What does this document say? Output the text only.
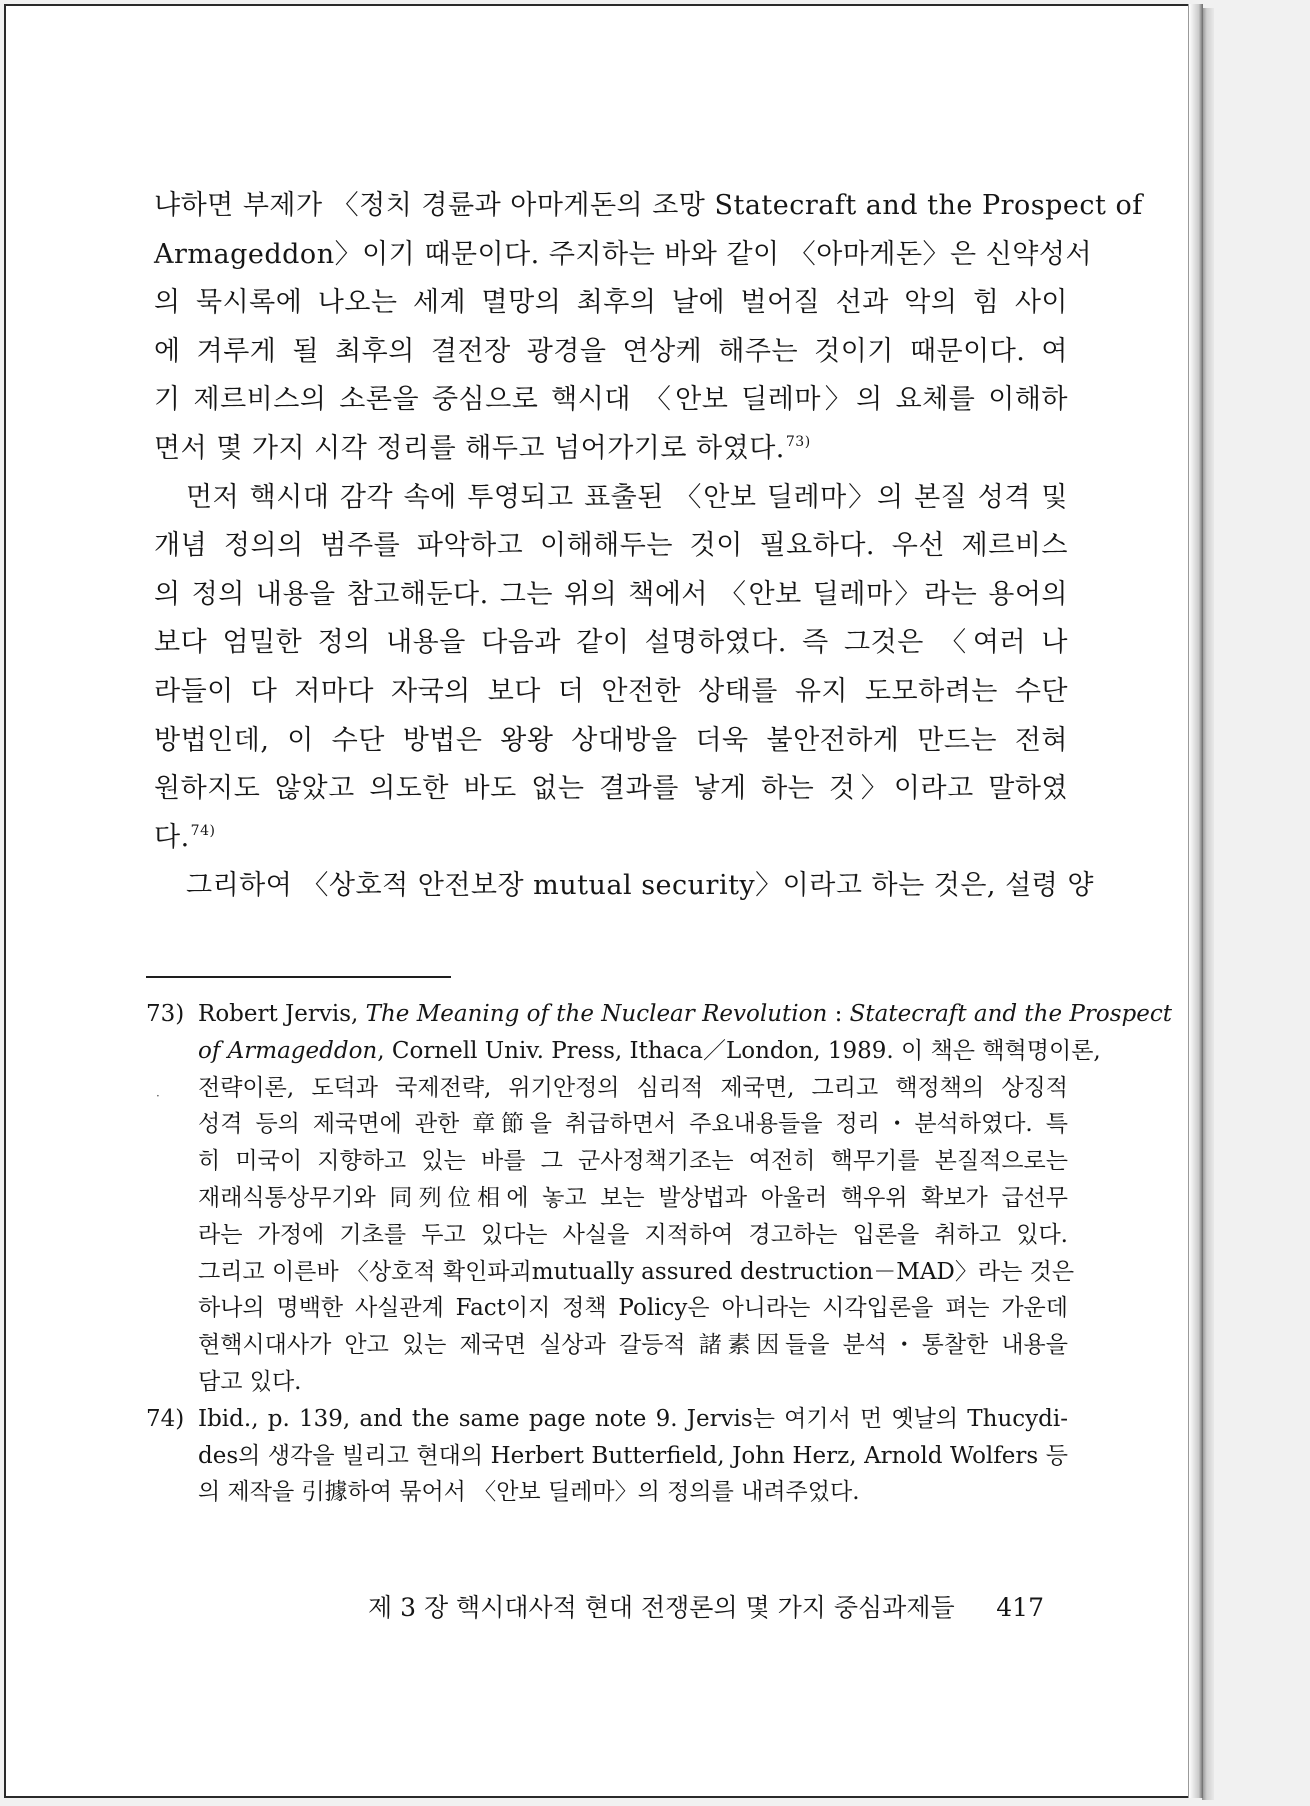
냐하면 부제가 〈정치 경륜과 아마게돈의 조망 Statecraft and the Prospect of
Armageddon〉이기 때문이다. 주지하는 바와 같이 〈아마게돈〉은 신약성서
의 묵시록에 나오는 세계 멸망의 최후의 날에 벌어질 선과 악의 힘 사이
에 겨루게 될 최후의 결전장 광경을 연상케 해주는 것이기 때문이다. 여
기 제르비스의 소론을 중심으로 핵시대 〈안보 딜레마〉의 요체를 이해하
면서 몇 가지 시각 정리를 해두고 넘어가기로 하였다.$^{73)}$
먼저 핵시대 감각 속에 투영되고 표출된 〈안보 딜레마〉의 본질 성격 및
개념 정의의 범주를 파악하고 이해해두는 것이 필요하다. 우선 제르비스
의 정의 내용을 참고해둔다. 그는 위의 책에서 〈안보 딜레마〉라는 용어의
보다 엄밀한 정의 내용을 다음과 같이 설명하였다. 즉 그것은 〈여러 나
라들이 다 저마다 자국의 보다 더 안전한 상태를 유지 도모하려는 수단
방법인데, 이 수단 방법은 왕왕 상대방을 더욱 불안전하게 만드는 전혀
원하지도 않았고 의도한 바도 없는 결과를 낳게 하는 것〉이라고 말하였
다.$^{74)}$
그리하여 〈상호적 안전보장 mutual security〉이라고 하는 것은, 설령 양
·
73) Robert Jervis, The Meaning of the Nuclear Revolution : Statecraft and the Prospect
of Armageddon, Cornell Univ. Press, Ithaca／London, 1989. 이 책은 핵혁명이론,
전략이론, 도덕과 국제전략, 위기안정의 심리적 제국면, 그리고 핵정책의 상징적
성격 등의 제국면에 관한 章節을 취급하면서 주요내용들을 정리・분석하였다. 특
히 미국이 지향하고 있는 바를 그 군사정책기조는 여전히 핵무기를 본질적으로는
재래식통상무기와 同列位相에 놓고 보는 발상법과 아울러 핵우위 확보가 급선무
라는 가정에 기초를 두고 있다는 사실을 지적하여 경고하는 입론을 취하고 있다.
그리고 이른바 〈상호적 확인파괴mutually assured destruction－MAD〉라는 것은
하나의 명백한 사실관계 Fact이지 정책 Policy은 아니라는 시각입론을 펴는 가운데
현핵시대사가 안고 있는 제국면 실상과 갈등적 諸素因들을 분석・통찰한 내용을
담고 있다.
74) Ibid., p. 139, and the same page note 9. Jervis는 여기서 먼 옛날의 Thucydi-
des의 생각을 빌리고 현대의 Herbert Butterfield, John Herz, Arnold Wolfers 등
의 제작을 引據하여 묶어서 〈안보 딜레마〉의 정의를 내려주었다.
제 3 장 핵시대사적 현대 전쟁론의 몇 가지 중심과제들 417
